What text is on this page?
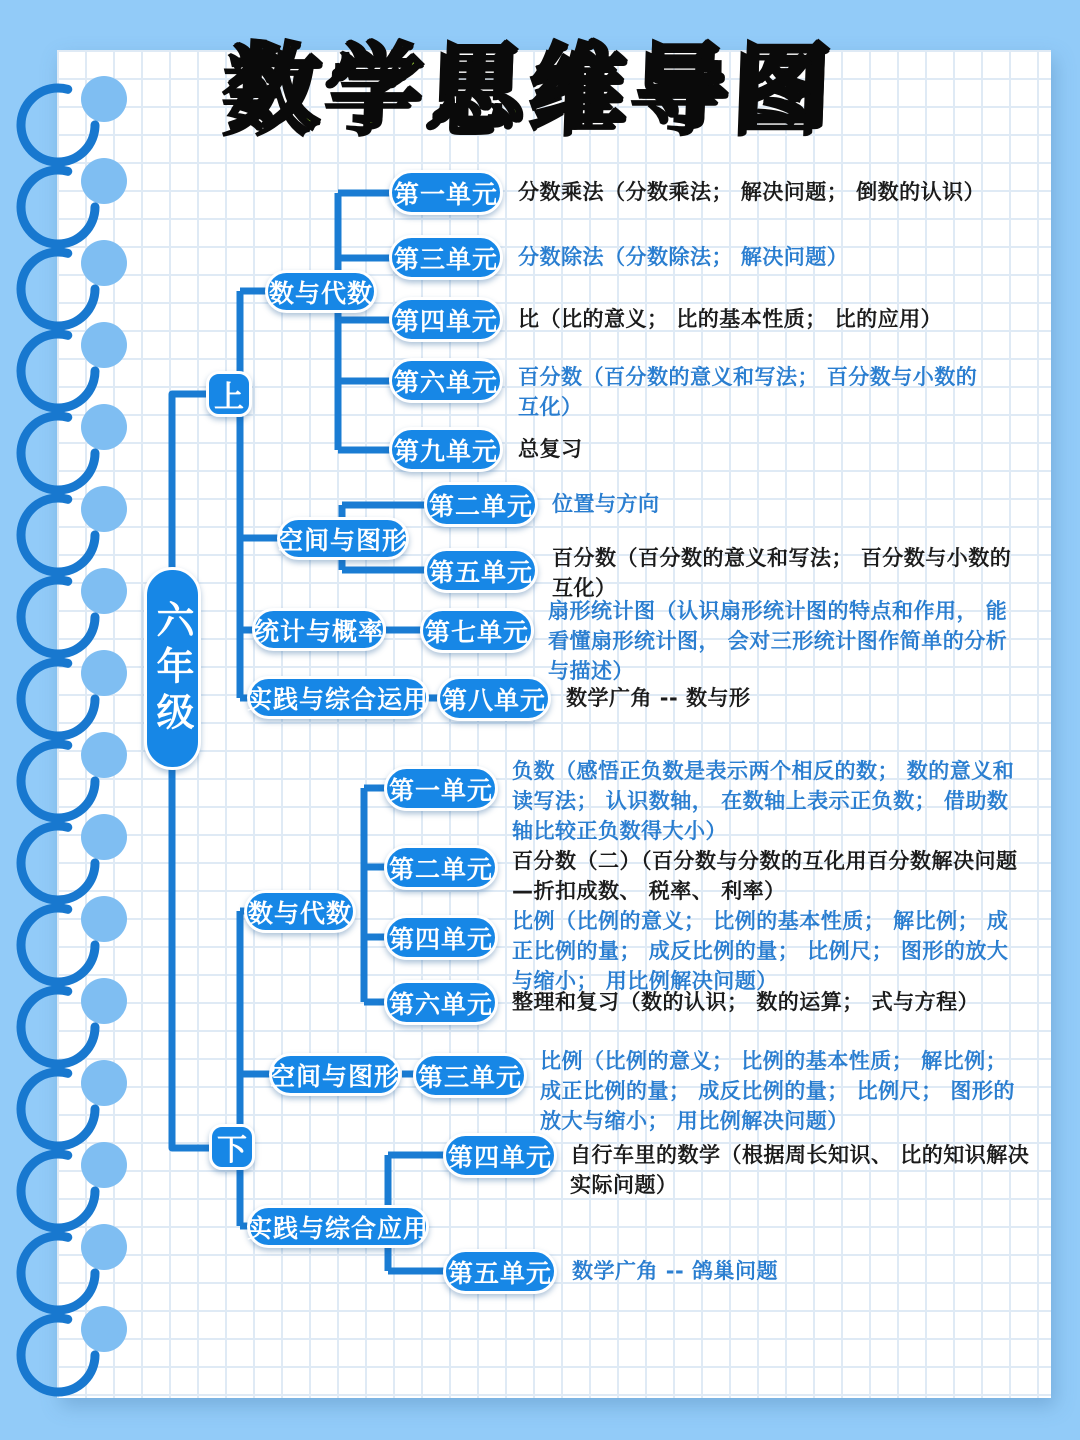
数学思维导图
六年级
上
下
数与代数
第一单元 分数乘法（分数乘法； 解决问题； 倒数的认识）
第三单元 分数除法（分数除法； 解决问题）
第四单元 比（比的意义； 比的基本性质； 比的应用）
第六单元 百分数（百分数的意义和写法； 百分数与小数的互化）
第九单元 总复习
空间与图形
第二单元 位置与方向
第五单元 百分数（百分数的意义和写法； 百分数与小数的互化）
统计与概率 第七单元
扇形统计图（认识扇形统计图的特点和作用， 能看懂扇形统计图， 会对三形统计图作简单的分析与描述）
实践与综合运用 第八单元 数学广角 -- 数与形
第一单元
负数（感悟正负数是表示两个相反的数； 数的意义和读写法； 认识数轴， 在数轴上表示正负数； 借助数轴比较正负数得大小）
第二单元 百分数（二）（百分数与分数的互化用百分数解决问题—折扣成数、 税率、 利率）
数与代数
第四单元
比例（比例的意义； 比例的基本性质； 解比例； 成正比例的量； 成反比例的量； 比例尺； 图形的放大与缩小； 用比例解决问题）
第六单元 整理和复习（数的认识； 数的运算； 式与方程）
空间与图形 第三单元
比例（比例的意义； 比例的基本性质； 解比例； 成正比例的量； 成反比例的量； 比例尺； 图形的放大与缩小； 用比例解决问题）
第四单元 自行车里的数学（根据周长知识、 比的知识解决实际问题）
实践与综合应用
第五单元 数学广角 -- 鸽巢问题
